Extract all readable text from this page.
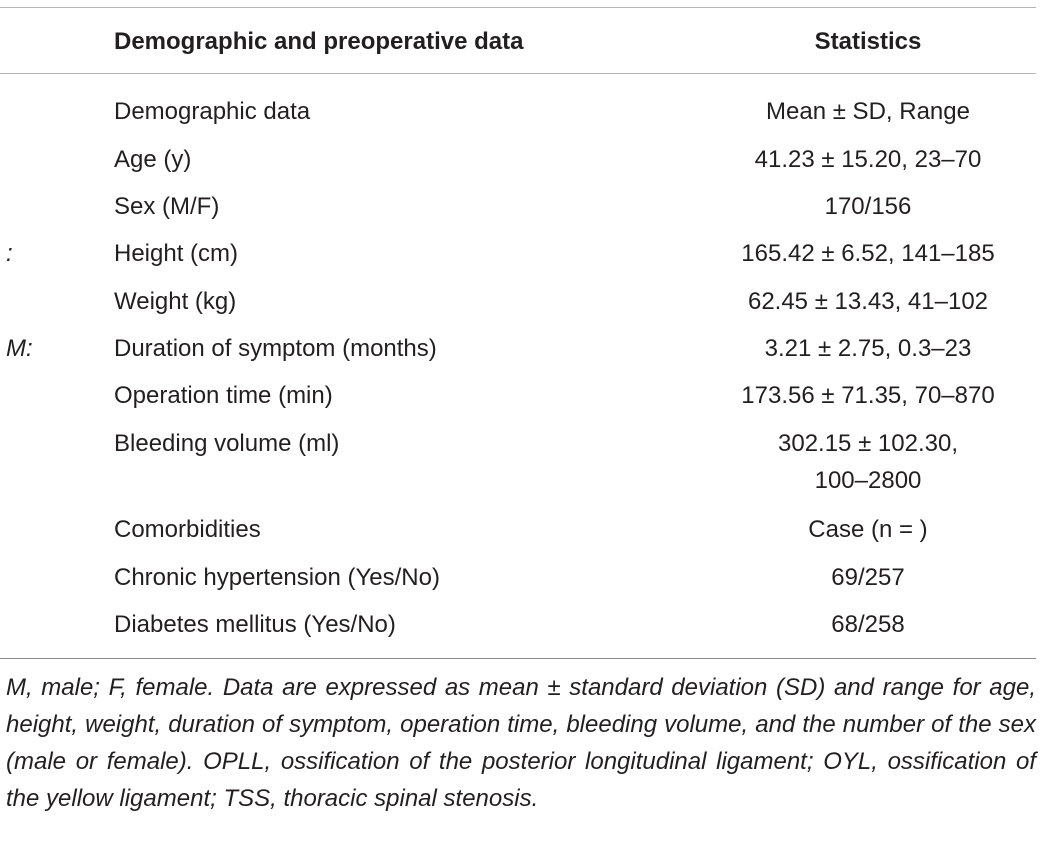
Demographic and preoperative data	Statistics
Demographic data	Mean ± SD, Range
Age (y)	41.23 ± 15.20, 23–70
Sex (M/F)	170/156
:	Height (cm)	165.42 ± 6.52, 141–185
Weight (kg)	62.45 ± 13.43, 41–102
M:	Duration of symptom (months)	3.21 ± 2.75, 0.3–23
Operation time (min)	173.56 ± 71.35, 70–870
Bleeding volume (ml)	302.15 ± 102.30,
100–2800
Comorbidities	Case (n = )
Chronic hypertension (Yes/No)	69/257
Diabetes mellitus (Yes/No)	68/258
M, male; F, female. Data are expressed as mean ± standard deviation (SD) and range for age, height, weight, duration of symptom, operation time, bleeding volume, and the number of the sex (male or female). OPLL, ossification of the posterior longitudinal ligament; OYL, ossification of the yellow ligament; TSS, thoracic spinal stenosis.
